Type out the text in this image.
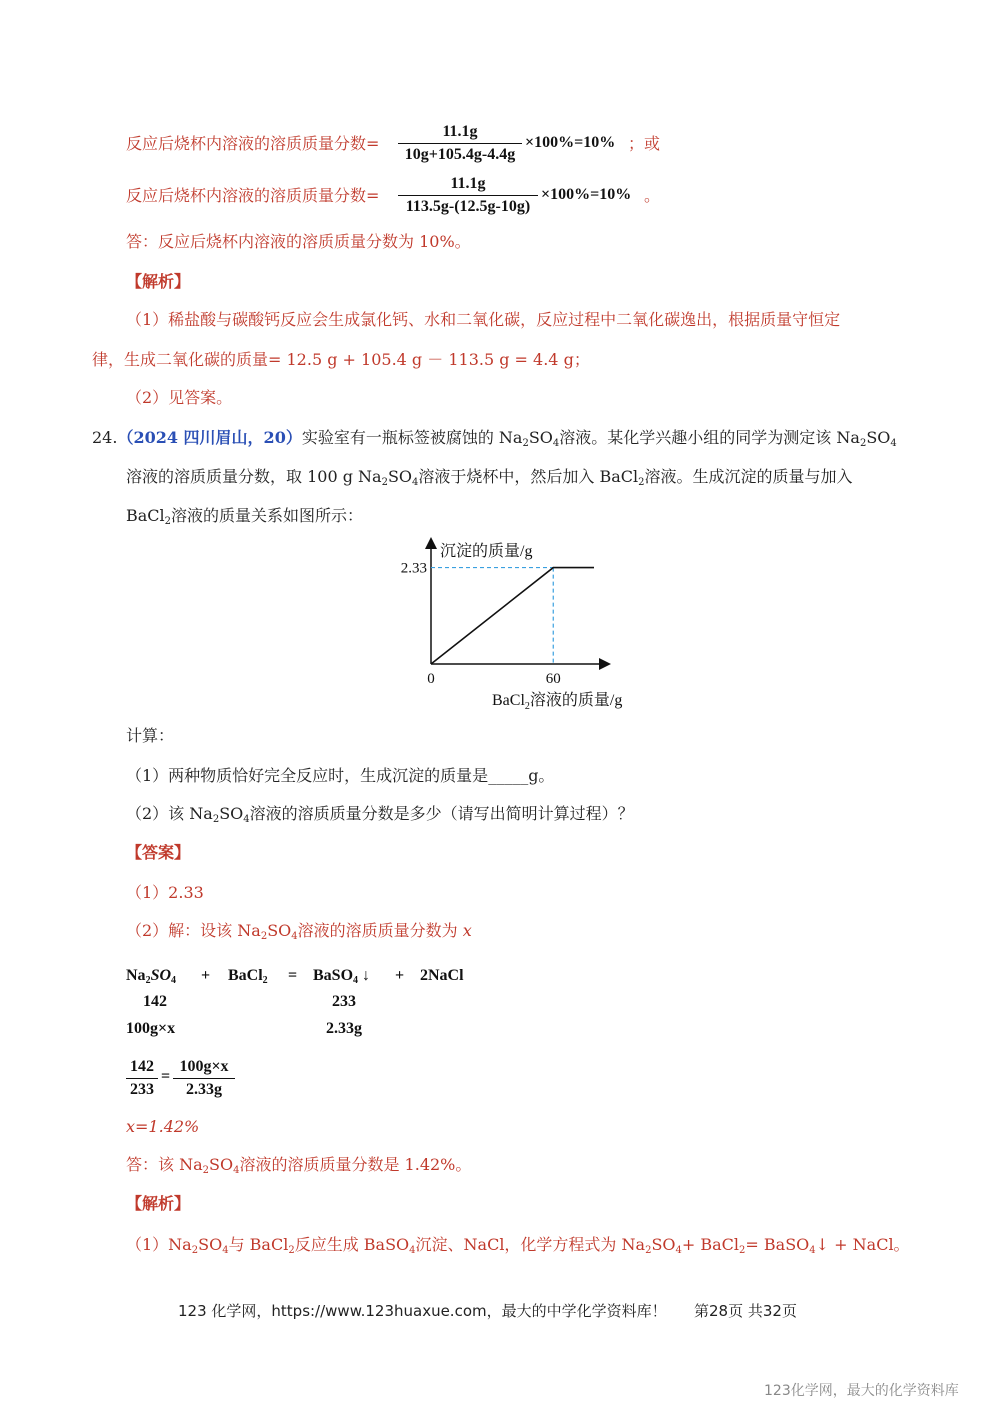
反应后烧杯内溶液的溶质质量分数=
11.1g
10g+105.4g-4.4g
×100%=10% ；或
反应后烧杯内溶液的溶质质量分数=
11.1g
113.5g-(12.5g-10g)
×100%=10% 。
答：反应后烧杯内溶液的溶质质量分数为 10%。
【解析】
（1）稀盐酸与碳酸钙反应会生成氯化钙、水和二氧化碳，反应过程中二氧化碳逸出，根据质量守恒定
律，生成二氧化碳的质量= 12.5 g + 105.4 g － 113.5 g = 4.4 g；
（2）见答案。
24.（2024 四川眉山，20）实验室有一瓶标签被腐蚀的 $Na_2SO_4$溶液。某化学兴趣小组的同学为测定该 $Na_2SO_4$
溶液的溶质质量分数，取 100 g $Na_2SO_4$溶液于烧杯中，然后加入 BaCl$_2$溶液。生成沉淀的质量与加入
BaCl$_2$溶液的质量关系如图所示：
沉淀的质量/g
2.33
60
0
BaCl$_2$溶液的质量/g
计算：
（1）两种物质恰好完全反应时，生成沉淀的质量是_____g。
（2）该 $Na_2SO_4$溶液的溶质质量分数是多少（请写出简明计算过程）？
【答案】
（1）2.33
（2）解：设该 $Na_2SO_4$溶液的溶质质量分数为 x
$Na_2SO_4$ + BaCl$_2$ = BaSO$_4$ ↓ + 2NaCl
142	233
100g×x	2.33g
142
233
=
100g×x
2.33g
x=1.42%
答：该 $Na_2SO_4$溶液的溶质质量分数是 1.42%。
【解析】
$(1)Na_2SO_4$与 BaCl$_2$反应生成 BaSO$_4$沉淀、NaCl，化学方程式为 $Na_2SO_4+$ BaCl$_2$= BaSO$_4$↓ + NaCl。
123 化学网，https://www.123huaxue.com，最大的中学化学资料库！ 第28页 共32页
123化学网，最大的化学资料库
